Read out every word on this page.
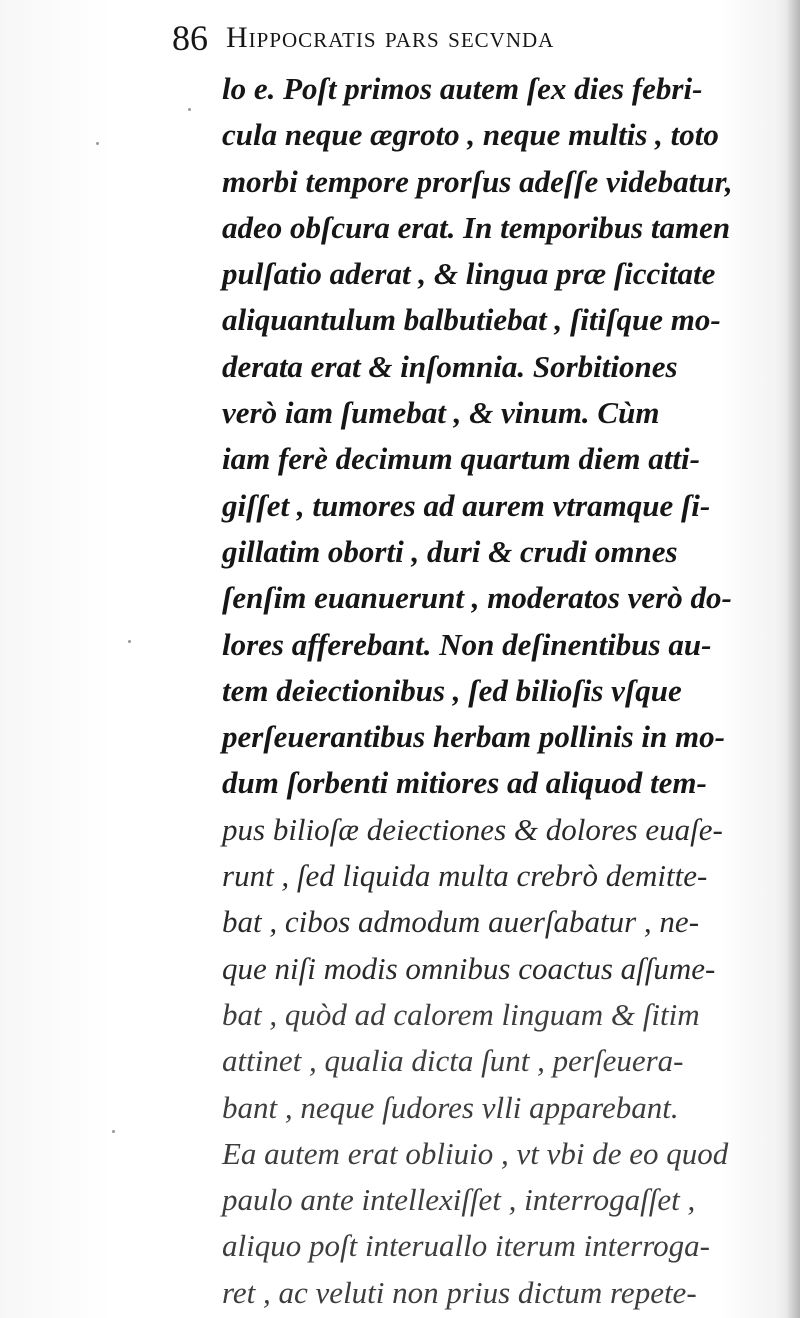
86 Hippocratis pars secvnda
lo e. Poſt primos autem ſex dies febri-
cula neque ægroto , neque multis , toto
morbi tempore prorſus adeſſe videbatur,
adeo obſcura erat. In temporibus tamen
pulſatio aderat , & lingua præ ſiccitate
aliquantulum balbutiebat , ſitiſque mo-
derata erat & inſomnia. Sorbitiones
verò iam ſumebat , & vinum. Cùm
iam ferè decimum quartum diem atti-
giſſet , tumores ad aurem vtramque ſi-
gillatim oborti , duri & crudi omnes
ſenſim euanuerunt , moderatos verò do-
lores afferebant. Non deſinentibus au-
tem deiectionibus , ſed bilioſis vſque
perſeuerantibus herbam pollinis in mo-
dum ſorbenti mitiores ad aliquod tem-
pus bilioſæ deiectiones & dolores euaſe-
runt , ſed liquida multa crebrò demitte-
bat , cibos admodum auerſabatur , ne-
que niſi modis omnibus coactus aſſume-
bat , quòd ad calorem linguam & ſitim
attinet , qualia dicta ſunt , perſeuera-
bant , neque ſudores vlli apparebant.
Ea autem erat obliuio , vt vbi de eo quod
paulo ante intellexiſſet , interrogaſſet ,
aliquo poſt interuallo iterum interroga-
ret , ac veluti non prius dictum repete-
